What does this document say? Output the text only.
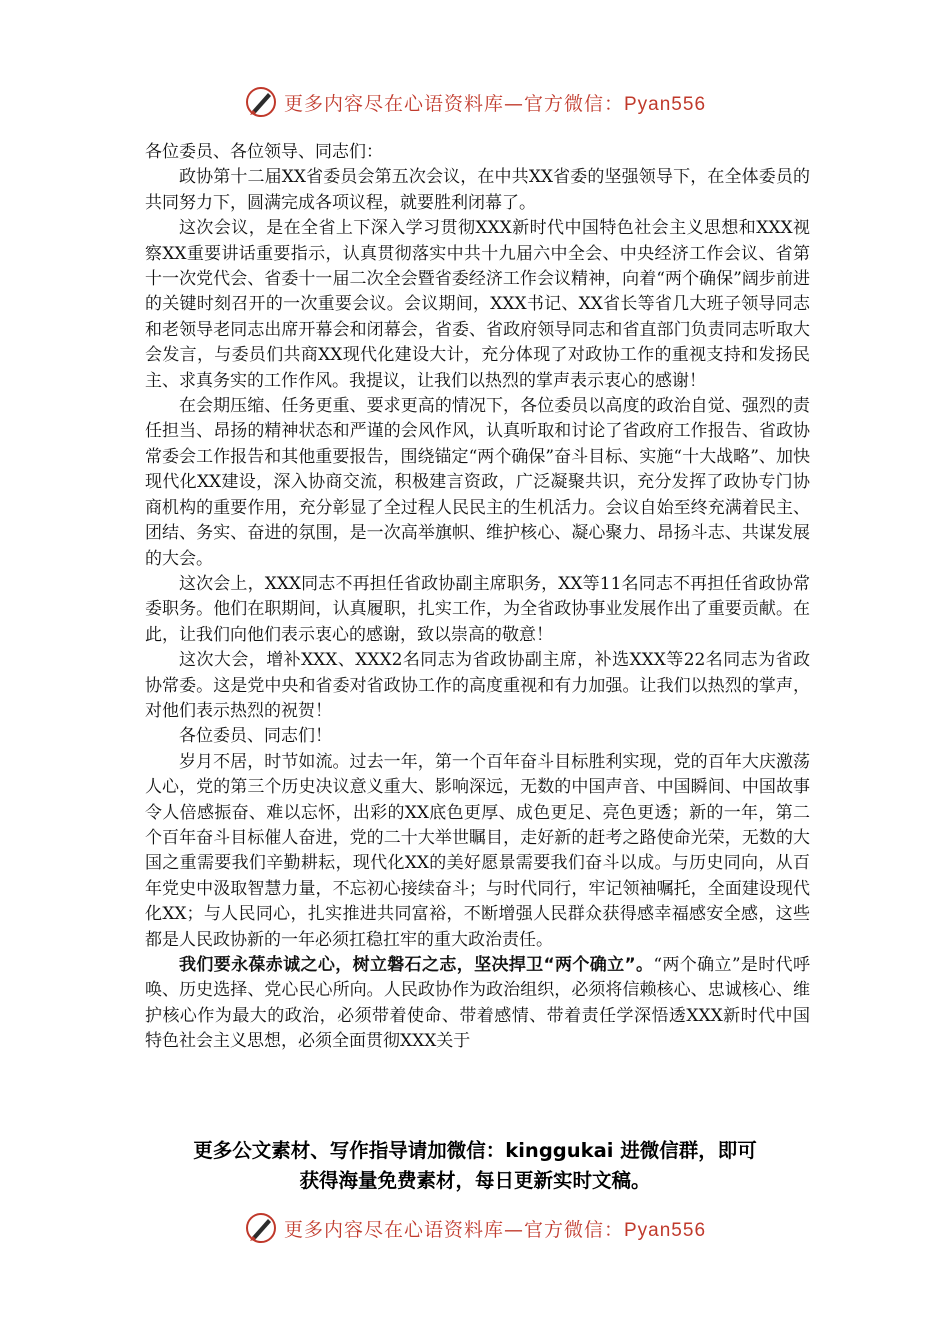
更多内容尽在心语资料库—官方微信：Pyan556

各位委员、各位领导、同志们：

政协第十二届XX省委员会第五次会议，在中共XX省委的坚强领导下，在全体委员的共同努力下，圆满完成各项议程，就要胜利闭幕了。

这次会议，是在全省上下深入学习贯彻XXX新时代中国特色社会主义思想和XXX视察XX重要讲话重要指示，认真贯彻落实中共十九届六中全会、中央经济工作会议、省第十一次党代会、省委十一届二次全会暨省委经济工作会议精神，向着“两个确保”阔步前进的关键时刻召开的一次重要会议。会议期间，XXX书记、XX省长等省几大班子领导同志和老领导老同志出席开幕会和闭幕会，省委、省政府领导同志和省直部门负责同志听取大会发言，与委员们共商XX现代化建设大计，充分体现了对政协工作的重视支持和发扬民主、求真务实的工作作风。我提议，让我们以热烈的掌声表示衷心的感谢！

在会期压缩、任务更重、要求更高的情况下，各位委员以高度的政治自觉、强烈的责任担当、昂扬的精神状态和严谨的会风作风，认真听取和讨论了省政府工作报告、省政协常委会工作报告和其他重要报告，围绕锚定“两个确保”奋斗目标、实施“十大战略”、加快现代化XX建设，深入协商交流，积极建言资政，广泛凝聚共识，充分发挥了政协专门协商机构的重要作用，充分彰显了全过程人民民主的生机活力。会议自始至终充满着民主、团结、务实、奋进的氛围，是一次高举旗帜、维护核心、凝心聚力、昂扬斗志、共谋发展的大会。

这次会上，XXX同志不再担任省政协副主席职务，XX等11名同志不再担任省政协常委职务。他们在职期间，认真履职，扎实工作，为全省政协事业发展作出了重要贡献。在此，让我们向他们表示衷心的感谢，致以崇高的敬意！

这次大会，增补XXX、XXX2名同志为省政协副主席，补选XXX等22名同志为省政协常委。这是党中央和省委对省政协工作的高度重视和有力加强。让我们以热烈的掌声，对他们表示热烈的祝贺！

各位委员、同志们！

岁月不居，时节如流。过去一年，第一个百年奋斗目标胜利实现，党的百年大庆激荡人心，党的第三个历史决议意义重大、影响深远，无数的中国声音、中国瞬间、中国故事令人倍感振奋、难以忘怀，出彩的XX底色更厚、成色更足、亮色更透；新的一年，第二个百年奋斗目标催人奋进，党的二十大举世瞩目，走好新的赶考之路使命光荣，无数的大国之重需要我们辛勤耕耘，现代化XX的美好愿景需要我们奋斗以成。与历史同向，从百年党史中汲取智慧力量，不忘初心接续奋斗；与时代同行，牢记领袖嘱托，全面建设现代化XX；与人民同心，扎实推进共同富裕，不断增强人民群众获得感幸福感安全感，这些都是人民政协新的一年必须扛稳扛牢的重大政治责任。

我们要永葆赤诚之心，树立磐石之志，坚决捍卫“两个确立”。“两个确立”是时代呼唤、历史选择、党心民心所向。人民政协作为政治组织，必须将信赖核心、忠诚核心、维护核心作为最大的政治，必须带着使命、带着感情、带着责任学深悟透XXX新时代中国特色社会主义思想，必须全面贯彻XXX关于

更多公文素材、写作指导请加微信：kinggukai 进微信群，即可
获得海量免费素材，每日更新实时文稿。
更多内容尽在心语资料库—官方微信：Pyan556
